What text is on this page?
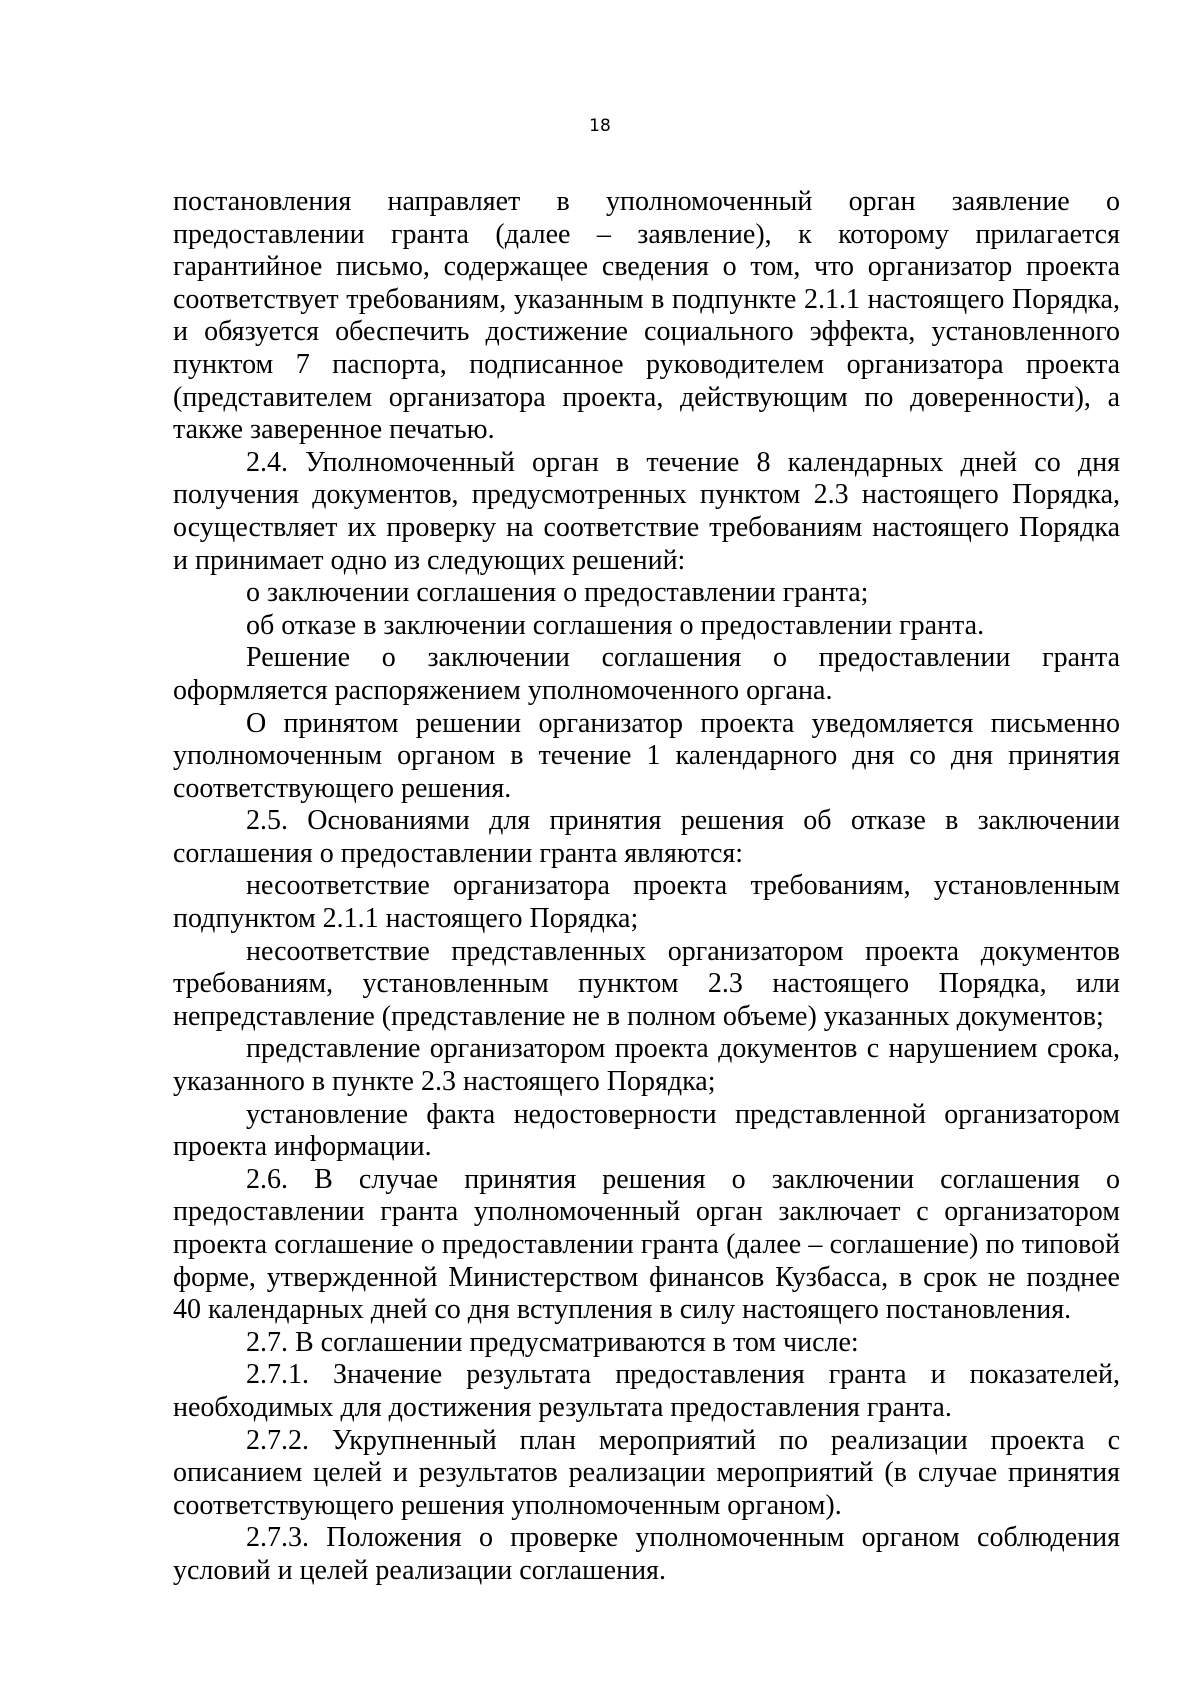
18

постановления направляет в уполномоченный орган заявление о предоставлении гранта (далее – заявление), к которому прилагается гарантийное письмо, содержащее сведения о том, что организатор проекта соответствует требованиям, указанным в подпункте 2.1.1 настоящего Порядка, и обязуется обеспечить достижение социального эффекта, установленного пунктом 7 паспорта, подписанное руководителем организатора проекта (представителем организатора проекта, действующим по доверенности), а также заверенное печатью.

2.4. Уполномоченный орган в течение 8 календарных дней со дня получения документов, предусмотренных пунктом 2.3 настоящего Порядка, осуществляет их проверку на соответствие требованиям настоящего Порядка и принимает одно из следующих решений:

о заключении соглашения о предоставлении гранта;

об отказе в заключении соглашения о предоставлении гранта.

Решение о заключении соглашения о предоставлении гранта оформляется распоряжением уполномоченного органа.

О принятом решении организатор проекта уведомляется письменно уполномоченным органом в течение 1 календарного дня со дня принятия соответствующего решения.

2.5. Основаниями для принятия решения об отказе в заключении соглашения о предоставлении гранта являются:

несоответствие организатора проекта требованиям, установленным подпунктом 2.1.1 настоящего Порядка;

несоответствие представленных организатором проекта документов требованиям, установленным пунктом 2.3 настоящего Порядка, или непредставление (представление не в полном объеме) указанных документов;

представление организатором проекта документов с нарушением срока, указанного в пункте 2.3 настоящего Порядка;

установление факта недостоверности представленной организатором проекта информации.

2.6. В случае принятия решения о заключении соглашения о предоставлении гранта уполномоченный орган заключает с организатором проекта соглашение о предоставлении гранта (далее – соглашение) по типовой форме, утвержденной Министерством финансов Кузбасса, в срок не позднее 40 календарных дней со дня вступления в силу настоящего постановления.

2.7. В соглашении предусматриваются в том числе:

2.7.1. Значение результата предоставления гранта и показателей, необходимых для достижения результата предоставления гранта.

2.7.2. Укрупненный план мероприятий по реализации проекта с описанием целей и результатов реализации мероприятий (в случае принятия соответствующего решения уполномоченным органом).

2.7.3. Положения о проверке уполномоченным органом соблюдения условий и целей реализации соглашения.
